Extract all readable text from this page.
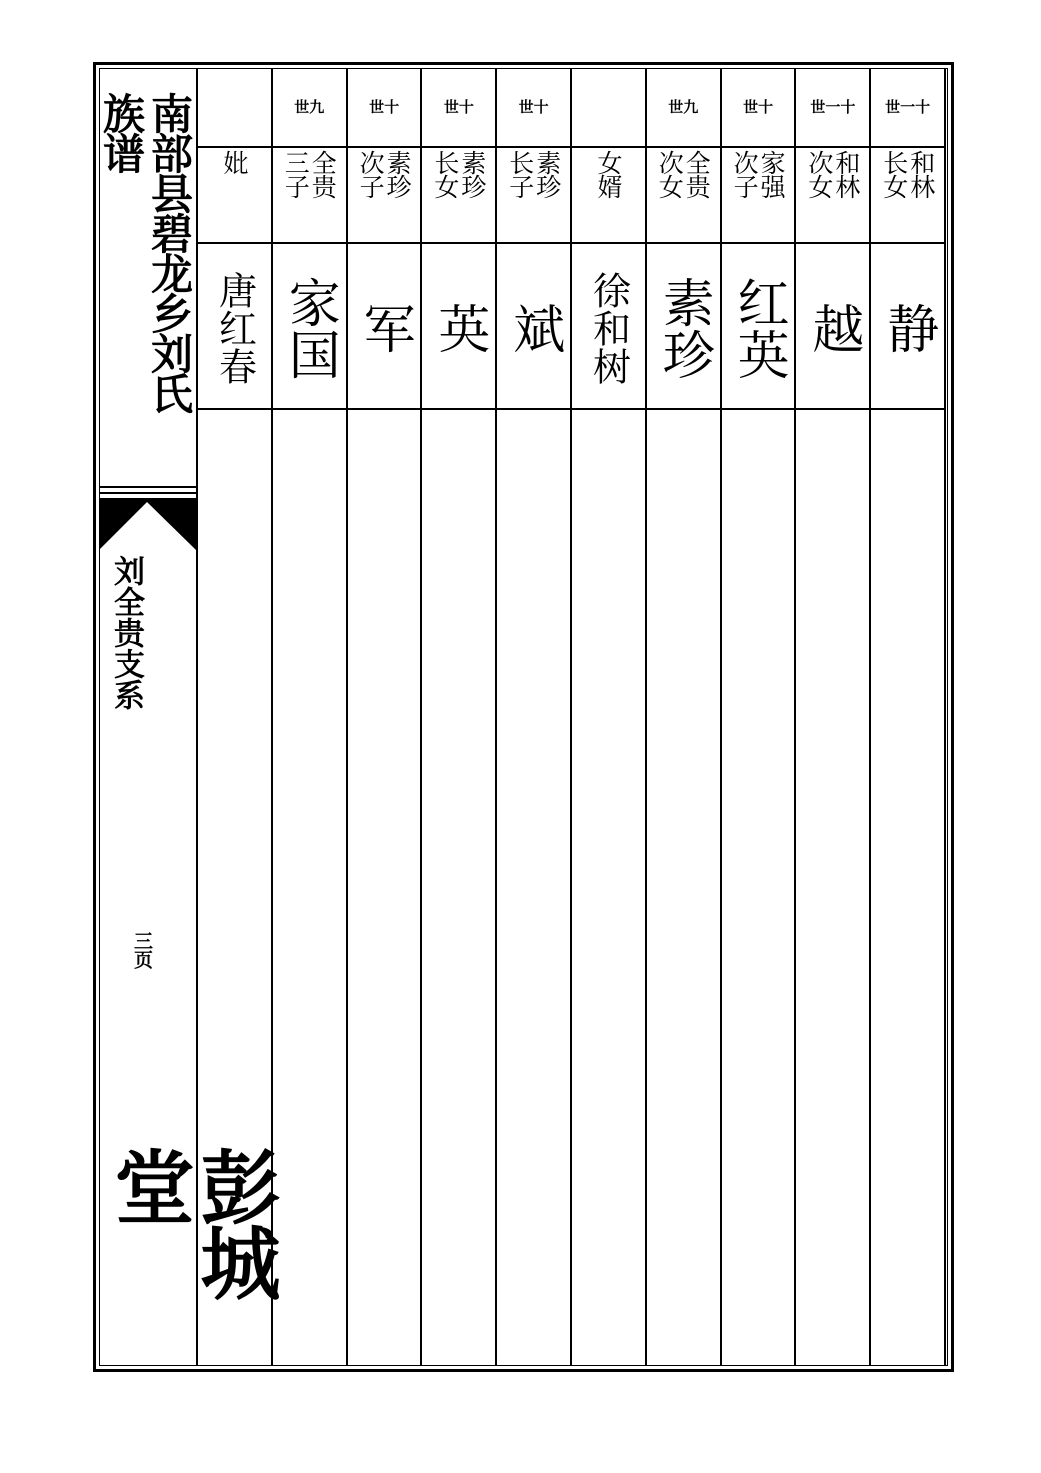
南部县碧龙乡刘氏
族谱
刘全贵支系
三页
彭城堂
妣
唐红春
世九
全贵三子
家国
世十
素珍次子
军
世十
素珍长女
英
世十
素珍长子
斌
女婿
徐和树
世九
全贵次女
素珍
世十
家强次子
红英
世一十
和林次女
越
世一十
和林长女
静
